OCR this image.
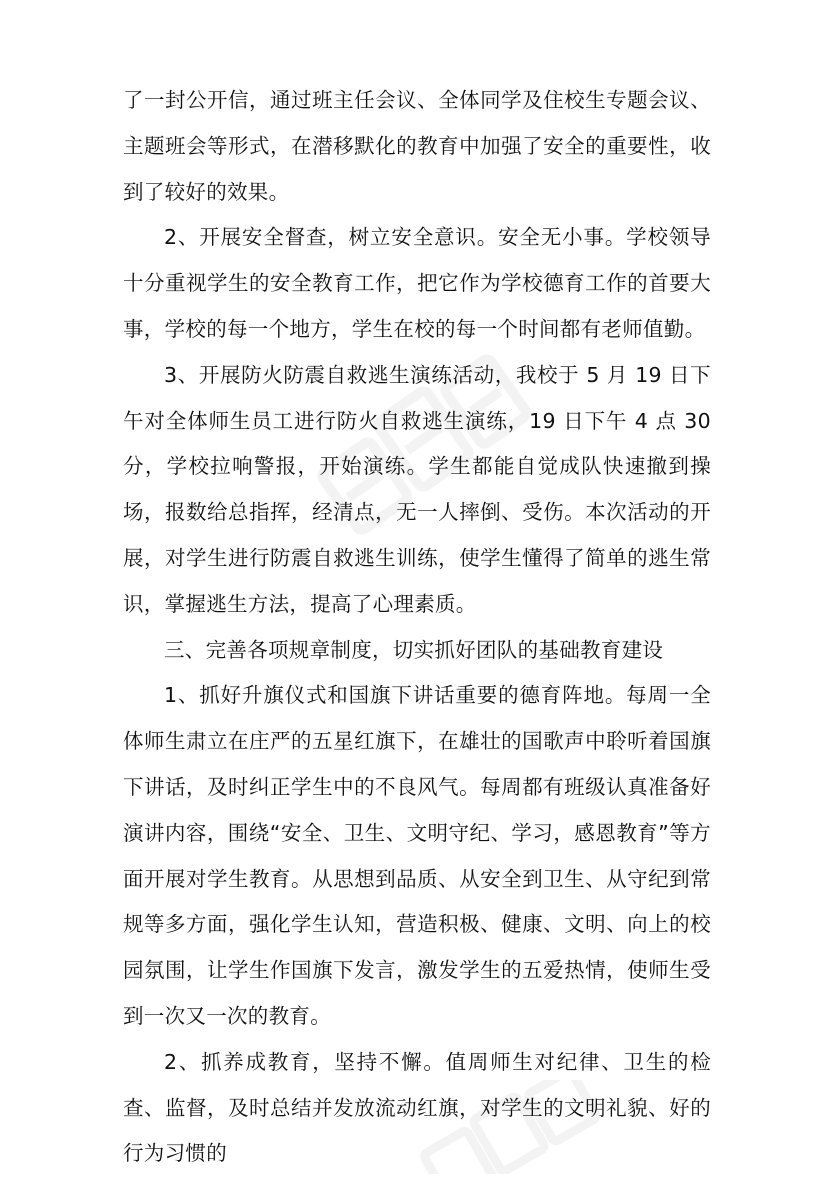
了一封公开信，通过班主任会议、全体同学及住校生专题会议、主题班会等形式，在潜移默化的教育中加强了安全的重要性，收到了较好的效果。

2、开展安全督查，树立安全意识。安全无小事。学校领导十分重视学生的安全教育工作，把它作为学校德育工作的首要大事，学校的每一个地方，学生在校的每一个时间都有老师值勤。

3、开展防火防震自救逃生演练活动，我校于 5 月 19 日下午对全体师生员工进行防火自救逃生演练，19 日下午 4 点 30 分，学校拉响警报，开始演练。学生都能自觉成队快速撤到操场，报数给总指挥，经清点，无一人摔倒、受伤。本次活动的开展，对学生进行防震自救逃生训练，使学生懂得了简单的逃生常识，掌握逃生方法，提高了心理素质。

三、完善各项规章制度，切实抓好团队的基础教育建设

1、抓好升旗仪式和国旗下讲话重要的德育阵地。每周一全体师生肃立在庄严的五星红旗下，在雄壮的国歌声中聆听着国旗下讲话，及时纠正学生中的不良风气。每周都有班级认真准备好演讲内容，围绕“安全、卫生、文明守纪、学习，感恩教育”等方面开展对学生教育。从思想到品质、从安全到卫生、从守纪到常规等多方面，强化学生认知，营造积极、健康、文明、向上的校园氛围，让学生作国旗下发言，激发学生的五爱热情，使师生受到一次又一次的教育。

2、抓养成教育，坚持不懈。值周师生对纪律、卫生的检查、监督，及时总结并发放流动红旗，对学生的文明礼貌、好的行为习惯的
